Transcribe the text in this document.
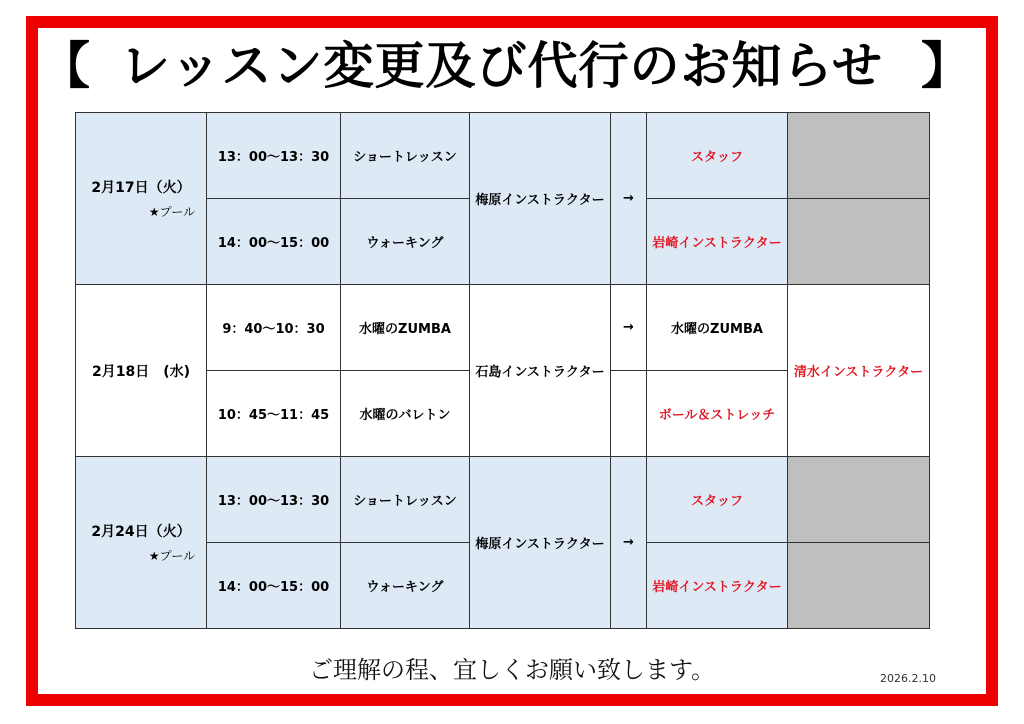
【 レッスン変更及び代行のお知らせ 】
2月17日（火）
★プール	13：00～13：30	ショートレッスン	梅原インストラクター	→	スタッフ	
	14：00～15：00	ウォーキング			岩崎インストラクター	

2月18日　(水)	9：40～10：30	水曜のZUMBA	石島インストラクター	→	水曜のZUMBA	清水インストラクター
	10：45～11：45	水曜のバレトン			ボール＆ストレッチ	

2月24日（火）
★プール	13：00～13：30	ショートレッスン	梅原インストラクター	→	スタッフ	
	14：00～15：00	ウォーキング			岩崎インストラクター	
ご理解の程、宜しくお願い致します。	2026.2.10
